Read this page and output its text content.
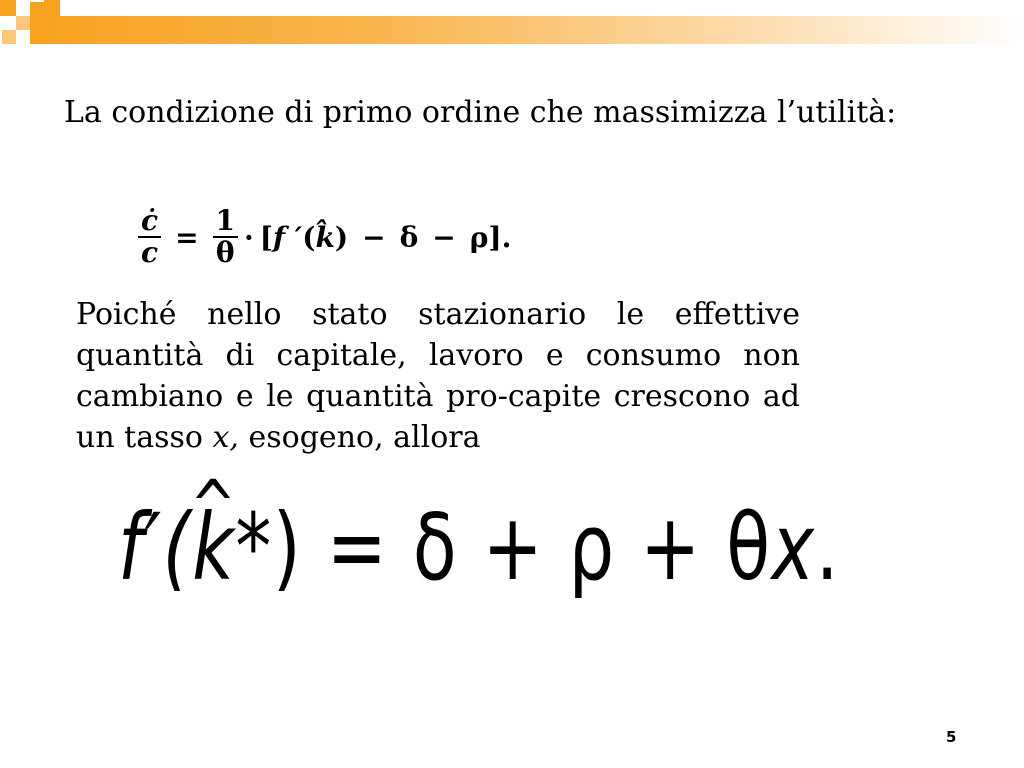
La condizione di primo ordine che massimizza l’utilità:
$\frac{ċ}{c} = \frac{1}{\theta}$ · [ f ′ ( k̂ ) − δ − ρ ].
Poiché nello stato stazionario le effettive quantità di capitale, lavoro e consumo non cambiano e le quantità pro-capite crescono ad un tasso x, esogeno, allora
f′(^ k*) = δ + ρ + θx.
5
